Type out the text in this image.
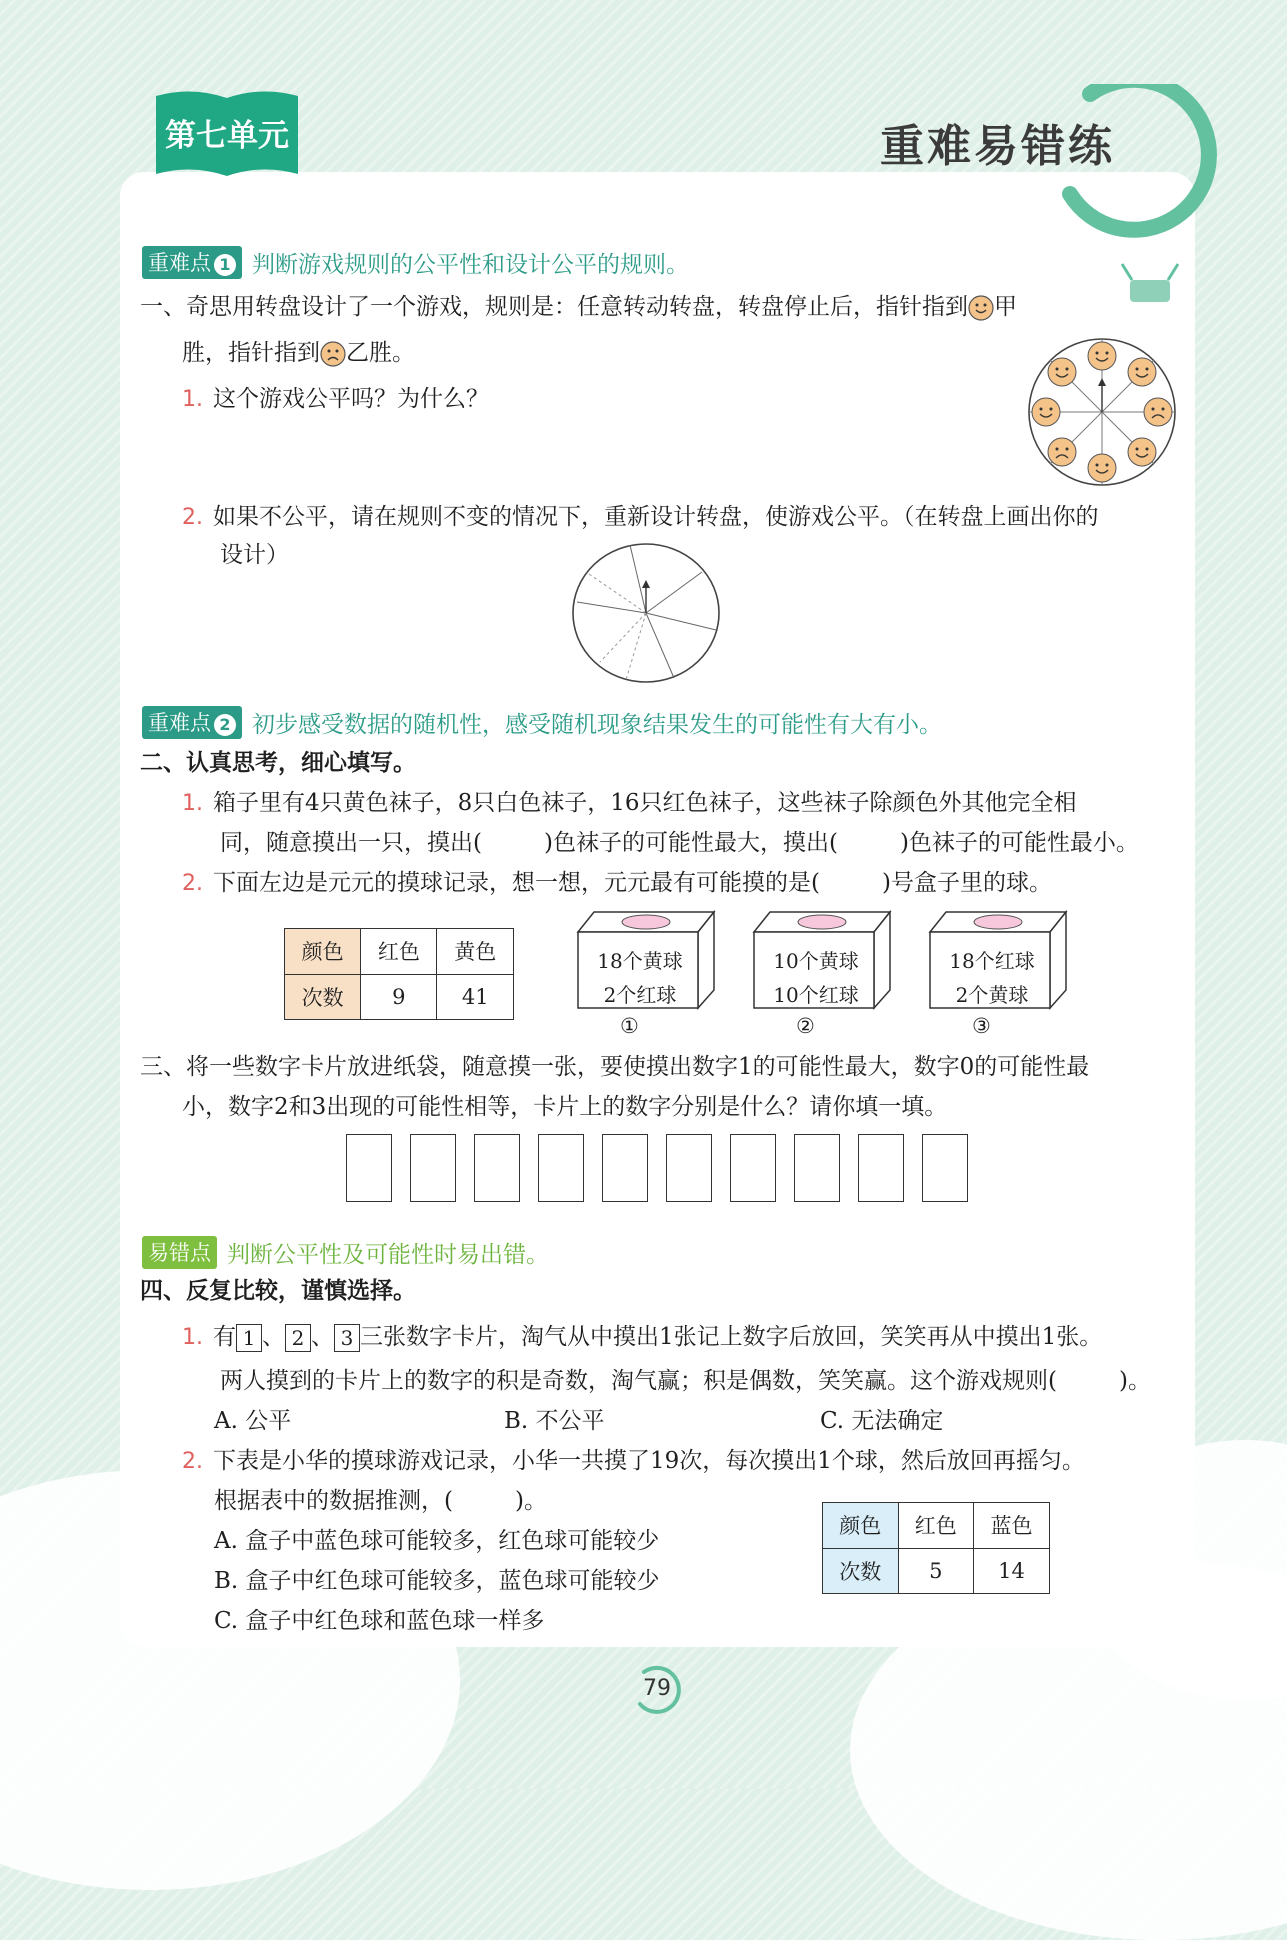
第七单元	重难易错练
重难点 1 判断游戏规则的公平性和设计公平的规则。
一、奇思用转盘设计了一个游戏，规则是：任意转动转盘，转盘停止后，指针指到 甲
胜，指针指到 乙胜。
1. 这个游戏公平吗？为什么？
2. 如果不公平，请在规则不变的情况下，重新设计转盘，使游戏公平。（在转盘上画出你的
设计）
重难点 2 初步感受数据的随机性，感受随机现象结果发生的可能性有大有小。
二、认真思考，细心填写。
1. 箱子里有4只黄色袜子，8只白色袜子，16只红色袜子，这些袜子除颜色外其他完全相
同，随意摸出一只，摸出(	)色袜子的可能性最大，摸出(	)色袜子的可能性最小。
2. 下面左边是元元的摸球记录，想一想，元元最有可能摸的是(	)号盒子里的球。
颜色	红色	黄色
次数	9	41
18个黄球
2个红球
①
10个黄球
10个红球
②
18个红球
2个黄球
③
三、将一些数字卡片放进纸袋，随意摸一张，要使摸出数字1的可能性最大，数字0的可能性最
小，数字2和3出现的可能性相等，卡片上的数字分别是什么？请你填一填。
易错点 判断公平性及可能性时易出错。
四、反复比较，谨慎选择。
1. 有 1 、 2 、 3 三张数字卡片，淘气从中摸出1张记上数字后放回，笑笑再从中摸出1张。
两人摸到的卡片上的数字的积是奇数，淘气赢；积是偶数，笑笑赢。这个游戏规则(	)。
A. 公平	B. 不公平	C. 无法确定
2. 下表是小华的摸球游戏记录，小华一共摸了19次，每次摸出1个球，然后放回再摇匀。
根据表中的数据推测，(	)。
A. 盒子中蓝色球可能较多，红色球可能较少
B. 盒子中红色球可能较多，蓝色球可能较少
C. 盒子中红色球和蓝色球一样多
颜色	红色	蓝色
次数	5	14
79
